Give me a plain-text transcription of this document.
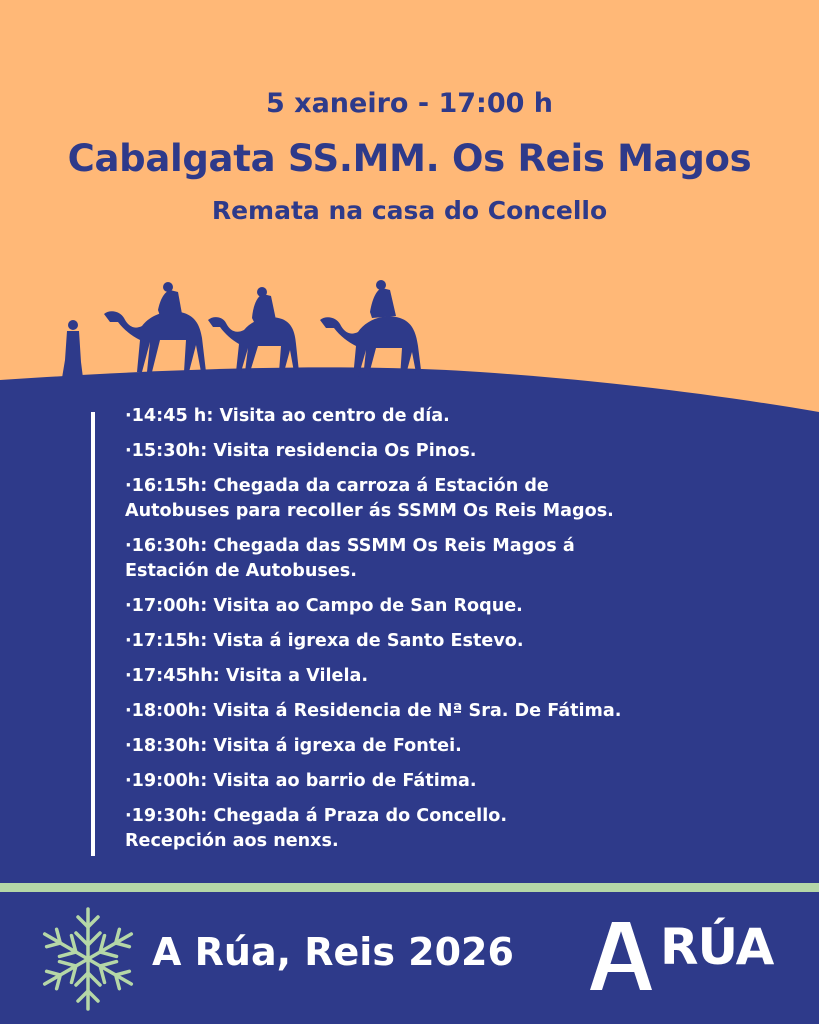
5 xaneiro - 17:00 h
Cabalgata SS.MM. Os Reis Magos
Remata na casa do Concello
·14:45 h: Visita ao centro de día.
·15:30h: Visita residencia Os Pinos.
·16:15h: Chegada da carroza á Estación de
Autobuses para recoller ás SSMM Os Reis Magos.
·16:30h: Chegada das SSMM Os Reis Magos á
Estación de Autobuses.
·17:00h: Visita ao Campo de San Roque.
·17:15h: Vista á igrexa de Santo Estevo.
·17:45hh: Visita a Vilela.
·18:00h: Visita á Residencia de Nª Sra. De Fátima.
·18:30h: Visita á igrexa de Fontei.
·19:00h: Visita ao barrio de Fátima.
·19:30h: Chegada á Praza do Concello.
Recepción aos nenxs.
A Rúa, Reis 2026	RÚA
